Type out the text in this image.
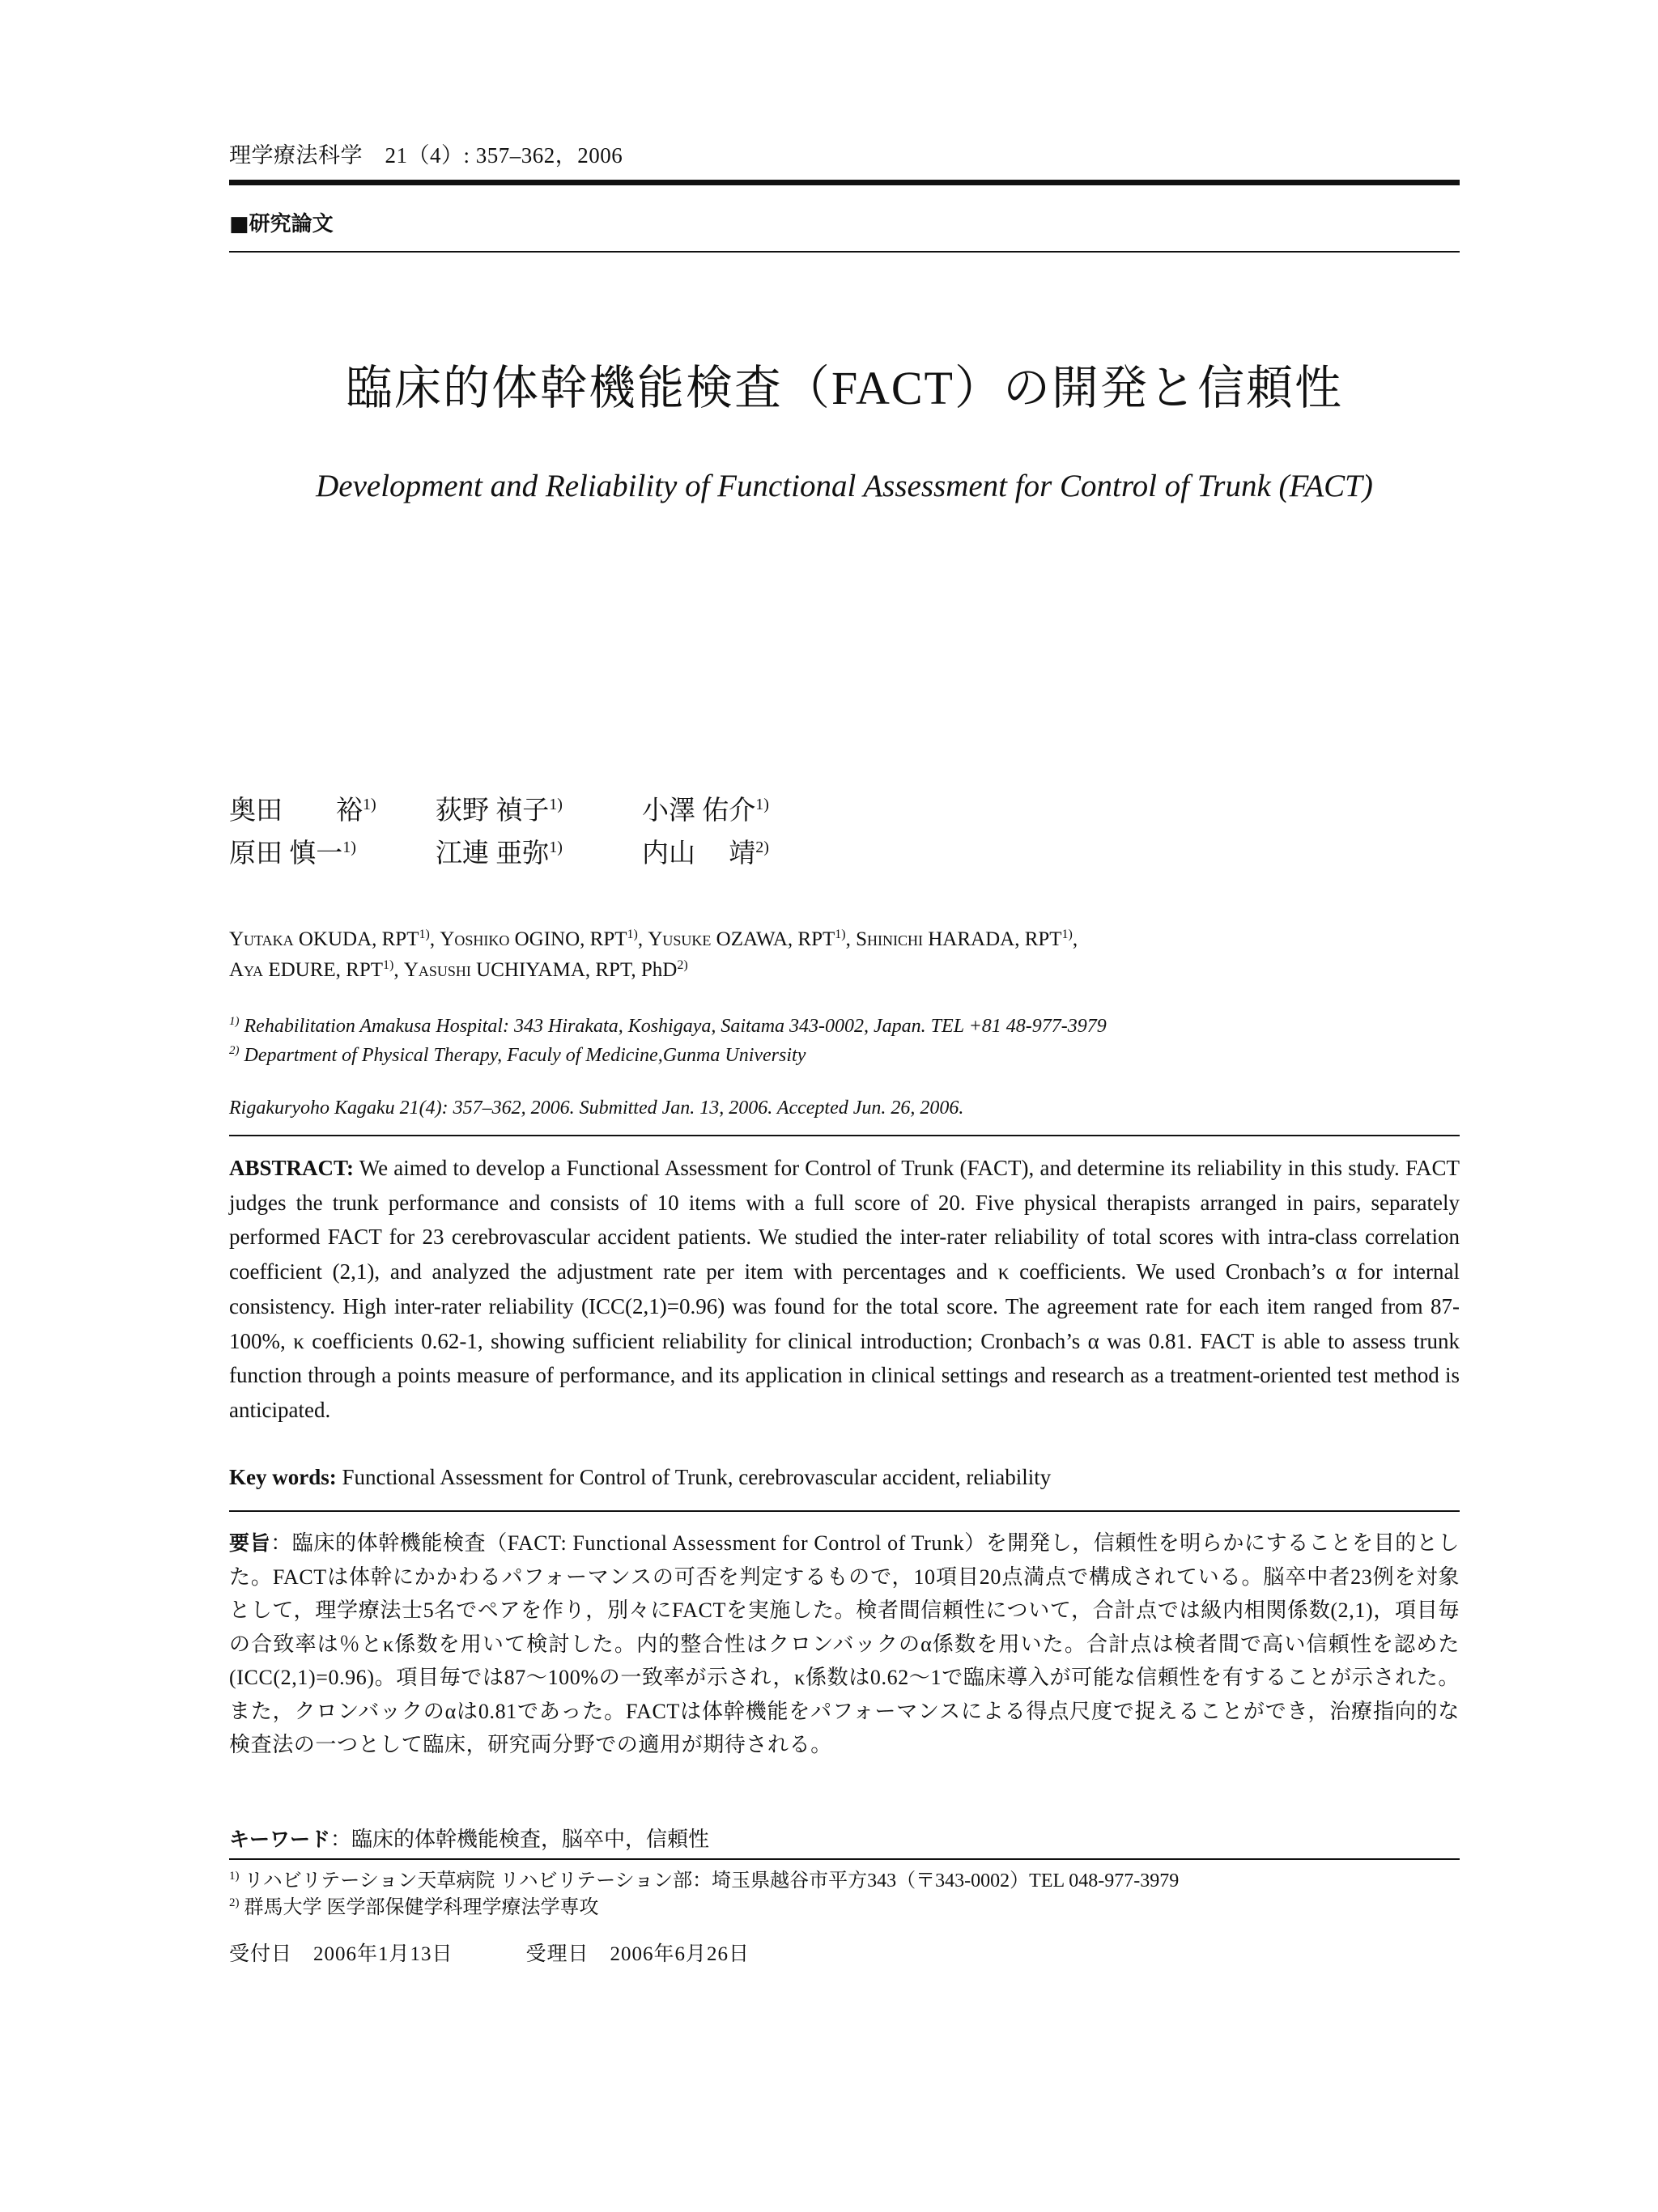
理学療法科学　21（4）: 357–362，2006
■研究論文
臨床的体幹機能検査（FACT）の開発と信頼性
Development and Reliability of Functional Assessment for Control of Trunk (FACT)
奥田　　裕$^{1)}$	荻野 禎子$^{1)}$	小澤 佑介$^{1)}$
原田 慎一$^{1)}$	江連 亜弥$^{1)}$	内山　 靖$^{2)}$
Yutaka OKUDA, RPT$^{1)}$, Yoshiko OGINO, RPT$^{1)}$, Yusuke OZAWA, RPT$^{1)}$, Shinichi HARADA, RPT$^{1)}$,
Aya EDURE, RPT$^{1)}$, Yasushi UCHIYAMA, RPT, PhD$^{2)}$
$^{1)}$ Rehabilitation Amakusa Hospital: 343 Hirakata, Koshigaya, Saitama 343-0002, Japan. TEL +81 48-977-3979
$^{2)}$ Department of Physical Therapy, Faculy of Medicine,Gunma University
Rigakuryoho Kagaku 21(4): 357–362, 2006. Submitted Jan. 13, 2006. Accepted Jun. 26, 2006.
ABSTRACT: We aimed to develop a Functional Assessment for Control of Trunk (FACT), and determine its reliability in this study. FACT judges the trunk performance and consists of 10 items with a full score of 20. Five physical therapists arranged in pairs, separately performed FACT for 23 cerebrovascular accident patients. We studied the inter-rater reliability of total scores with intra-class correlation coefficient (2,1), and analyzed the adjustment rate per item with percentages and κ coefficients. We used Cronbach’s α for internal consistency. High inter-rater reliability (ICC(2,1)=0.96) was found for the total score. The agreement rate for each item ranged from 87-100%, κ coefficients 0.62-1, showing sufficient reliability for clinical introduction; Cronbach’s α was 0.81. FACT is able to assess trunk function through a points measure of performance, and its application in clinical settings and research as a treatment-oriented test method is anticipated.
Key words: Functional Assessment for Control of Trunk, cerebrovascular accident, reliability
要旨：臨床的体幹機能検査（FACT: Functional Assessment for Control of Trunk）を開発し，信頼性を明らかにすることを目的とした。FACTは体幹にかかわるパフォーマンスの可否を判定するもので，10項目20点満点で構成されている。脳卒中者23例を対象として，理学療法士5名でペアを作り，別々にFACTを実施した。検者間信頼性について，合計点では級内相関係数(2,1)，項目毎の合致率は％とκ係数を用いて検討した。内的整合性はクロンバックのα係数を用いた。合計点は検者間で高い信頼性を認めた(ICC(2,1)=0.96)。項目毎では87～100%の一致率が示され，κ係数は0.62～1で臨床導入が可能な信頼性を有することが示された。また，クロンバックのαは0.81であった。FACTは体幹機能をパフォーマンスによる得点尺度で捉えることができ，治療指向的な検査法の一つとして臨床，研究両分野での適用が期待される。
キーワード：臨床的体幹機能検査，脳卒中，信頼性
$^{1)}$ リハビリテーション天草病院 リハビリテーション部：埼玉県越谷市平方343（〒343-0002）TEL 048-977-3979
$^{2)}$ 群馬大学 医学部保健学科理学療法学専攻
受付日　2006年1月13日	受理日　2006年6月26日
